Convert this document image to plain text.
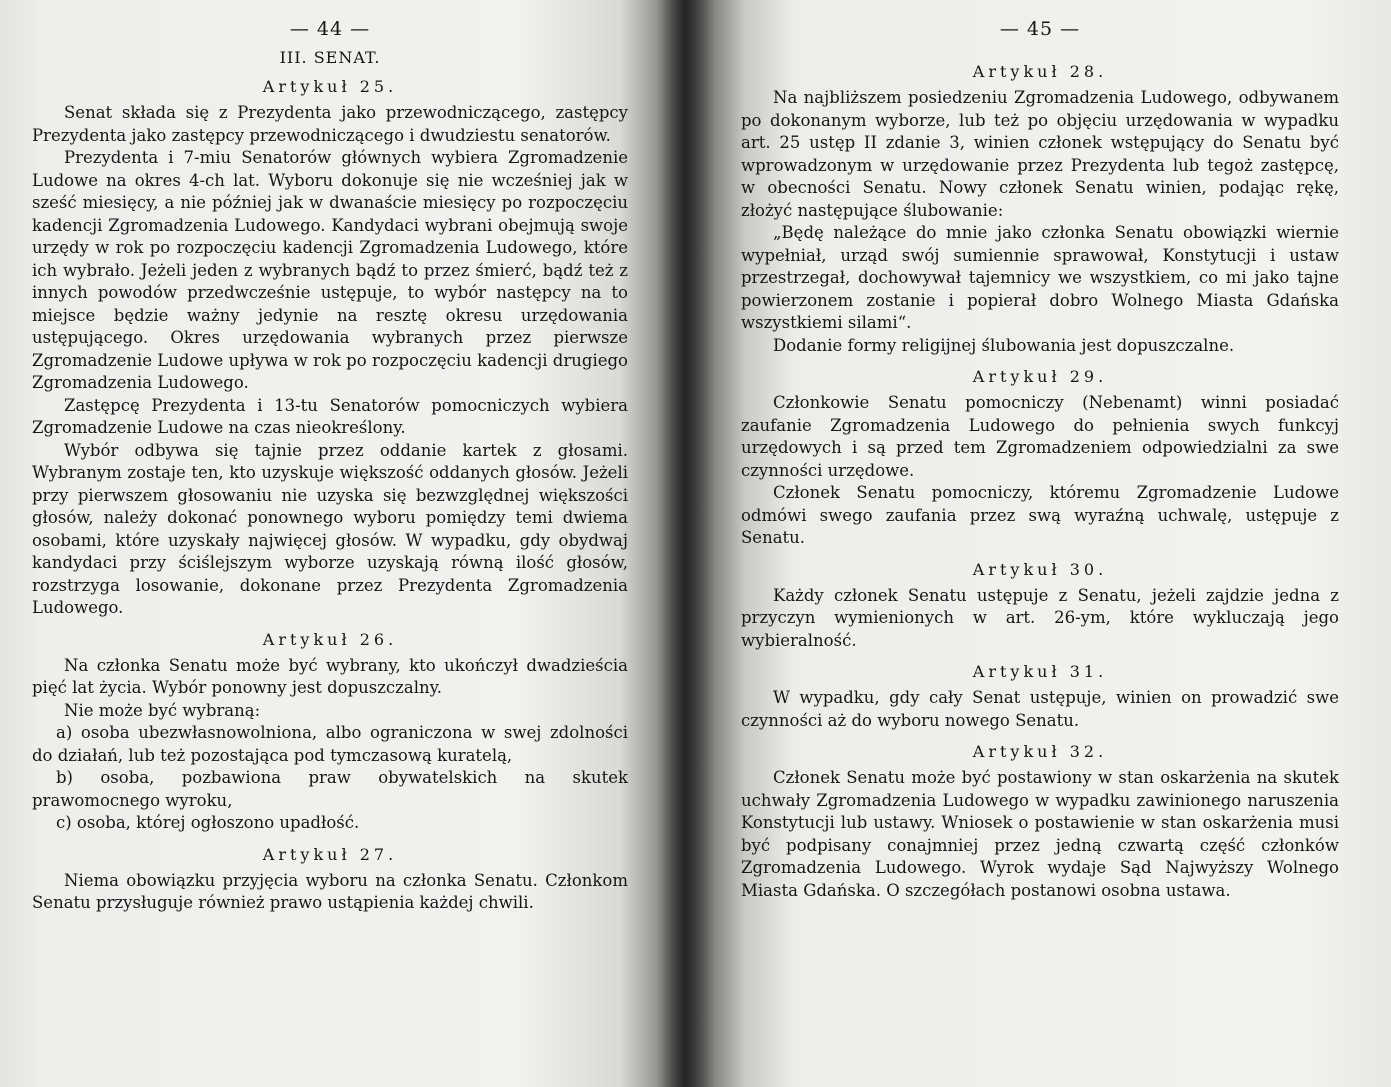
— 44 —
III. SENAT.
Artykuł 25.

Senat składa się z Prezydenta jako przewodniczącego, zastępcy Prezydenta jako zastępcy przewodniczącego i dwudziestu senatorów.

Prezydenta i 7-miu Senatorów głównych wybiera Zgromadzenie Ludowe na okres 4-ch lat. Wyboru dokonuje się nie wcześniej jak w sześć miesięcy, a nie później jak w dwanaście miesięcy po rozpoczęciu kadencji Zgromadzenia Ludowego. Kandydaci wybrani obejmują swoje urzędy w rok po rozpoczęciu kadencji Zgromadzenia Ludowego, które ich wybrało. Jeżeli jeden z wybranych bądź to przez śmierć, bądź też z innych powodów przedwcześnie ustępuje, to wybór następcy na to miejsce będzie ważny jedynie na resztę okresu urzędowania ustępującego. Okres urzędowania wybranych przez pierwsze Zgromadzenie Ludowe upływa w rok po rozpoczęciu kadencji drugiego Zgromadzenia Ludowego.

Zastępcę Prezydenta i 13-tu Senatorów pomocniczych wybiera Zgromadzenie Ludowe na czas nieokreślony.

Wybór odbywa się tajnie przez oddanie kartek z głosami. Wybranym zostaje ten, kto uzyskuje większość oddanych głosów. Jeżeli przy pierwszem głosowaniu nie uzyska się bezwzględnej większości głosów, należy dokonać ponownego wyboru pomiędzy temi dwiema osobami, które uzyskały najwięcej głosów. W wypadku, gdy obydwaj kandydaci przy ściślejszym wyborze uzyskają równą ilość głosów, rozstrzyga losowanie, dokonane przez Prezydenta Zgromadzenia Ludowego.

Artykuł 26.

Na członka Senatu może być wybrany, kto ukończył dwadzieścia pięć lat życia. Wybór ponowny jest dopuszczalny.

Nie może być wybraną:

a) osoba ubezwłasnowolniona, albo ograniczona w swej zdolności do działań, lub też pozostająca pod tymczasową kuratelą,

b) osoba, pozbawiona praw obywatelskich na skutek prawomocnego wyroku,

c) osoba, której ogłoszono upadłość.

Artykuł 27.

Niema obowiązku przyjęcia wyboru na członka Senatu. Członkom Senatu przysługuje również prawo ustąpienia każdej chwili.

— 45 —
Artykuł 28.

Na najbliższem posiedzeniu Zgromadzenia Ludowego, odbywanem po dokonanym wyborze, lub też po objęciu urzędowania w wypadku art. 25 ustęp II zdanie 3, winien członek wstępujący do Senatu być wprowadzonym w urzędowanie przez Prezydenta lub tegoż zastępcę, w obecności Senatu. Nowy członek Senatu winien, podając rękę, złożyć następujące ślubowanie:

„Będę należące do mnie jako członka Senatu obowiązki wiernie wypełniał, urząd swój sumiennie sprawował, Konstytucji i ustaw przestrzegał, dochowywał tajemnicy we wszystkiem, co mi jako tajne powierzonem zostanie i popierał dobro Wolnego Miasta Gdańska wszystkiemi silami“.

Dodanie formy religijnej ślubowania jest dopuszczalne.

Artykuł 29.

Członkowie Senatu pomocniczy (Nebenamt) winni posiadać zaufanie Zgromadzenia Ludowego do pełnienia swych funkcyj urzędowych i są przed tem Zgromadzeniem odpowiedzialni za swe czynności urzędowe.

Członek Senatu pomocniczy, któremu Zgromadzenie Ludowe odmówi swego zaufania przez swą wyraźną uchwalę, ustępuje z Senatu.

Artykuł 30.

Każdy członek Senatu ustępuje z Senatu, jeżeli zajdzie jedna z przyczyn wymienionych w art. 26-ym, które wykluczają jego wybieralność.

Artykuł 31.

W wypadku, gdy cały Senat ustępuje, winien on prowadzić swe czynności aż do wyboru nowego Senatu.

Artykuł 32.

Członek Senatu może być postawiony w stan oskarżenia na skutek uchwały Zgromadzenia Ludowego w wypadku zawinionego naruszenia Konstytucji lub ustawy. Wniosek o postawienie w stan oskarżenia musi być podpisany conajmniej przez jedną czwartą część członków Zgromadzenia Ludowego. Wyrok wydaje Sąd Najwyższy Wolnego Miasta Gdańska. O szczegółach postanowi osobna ustawa.
